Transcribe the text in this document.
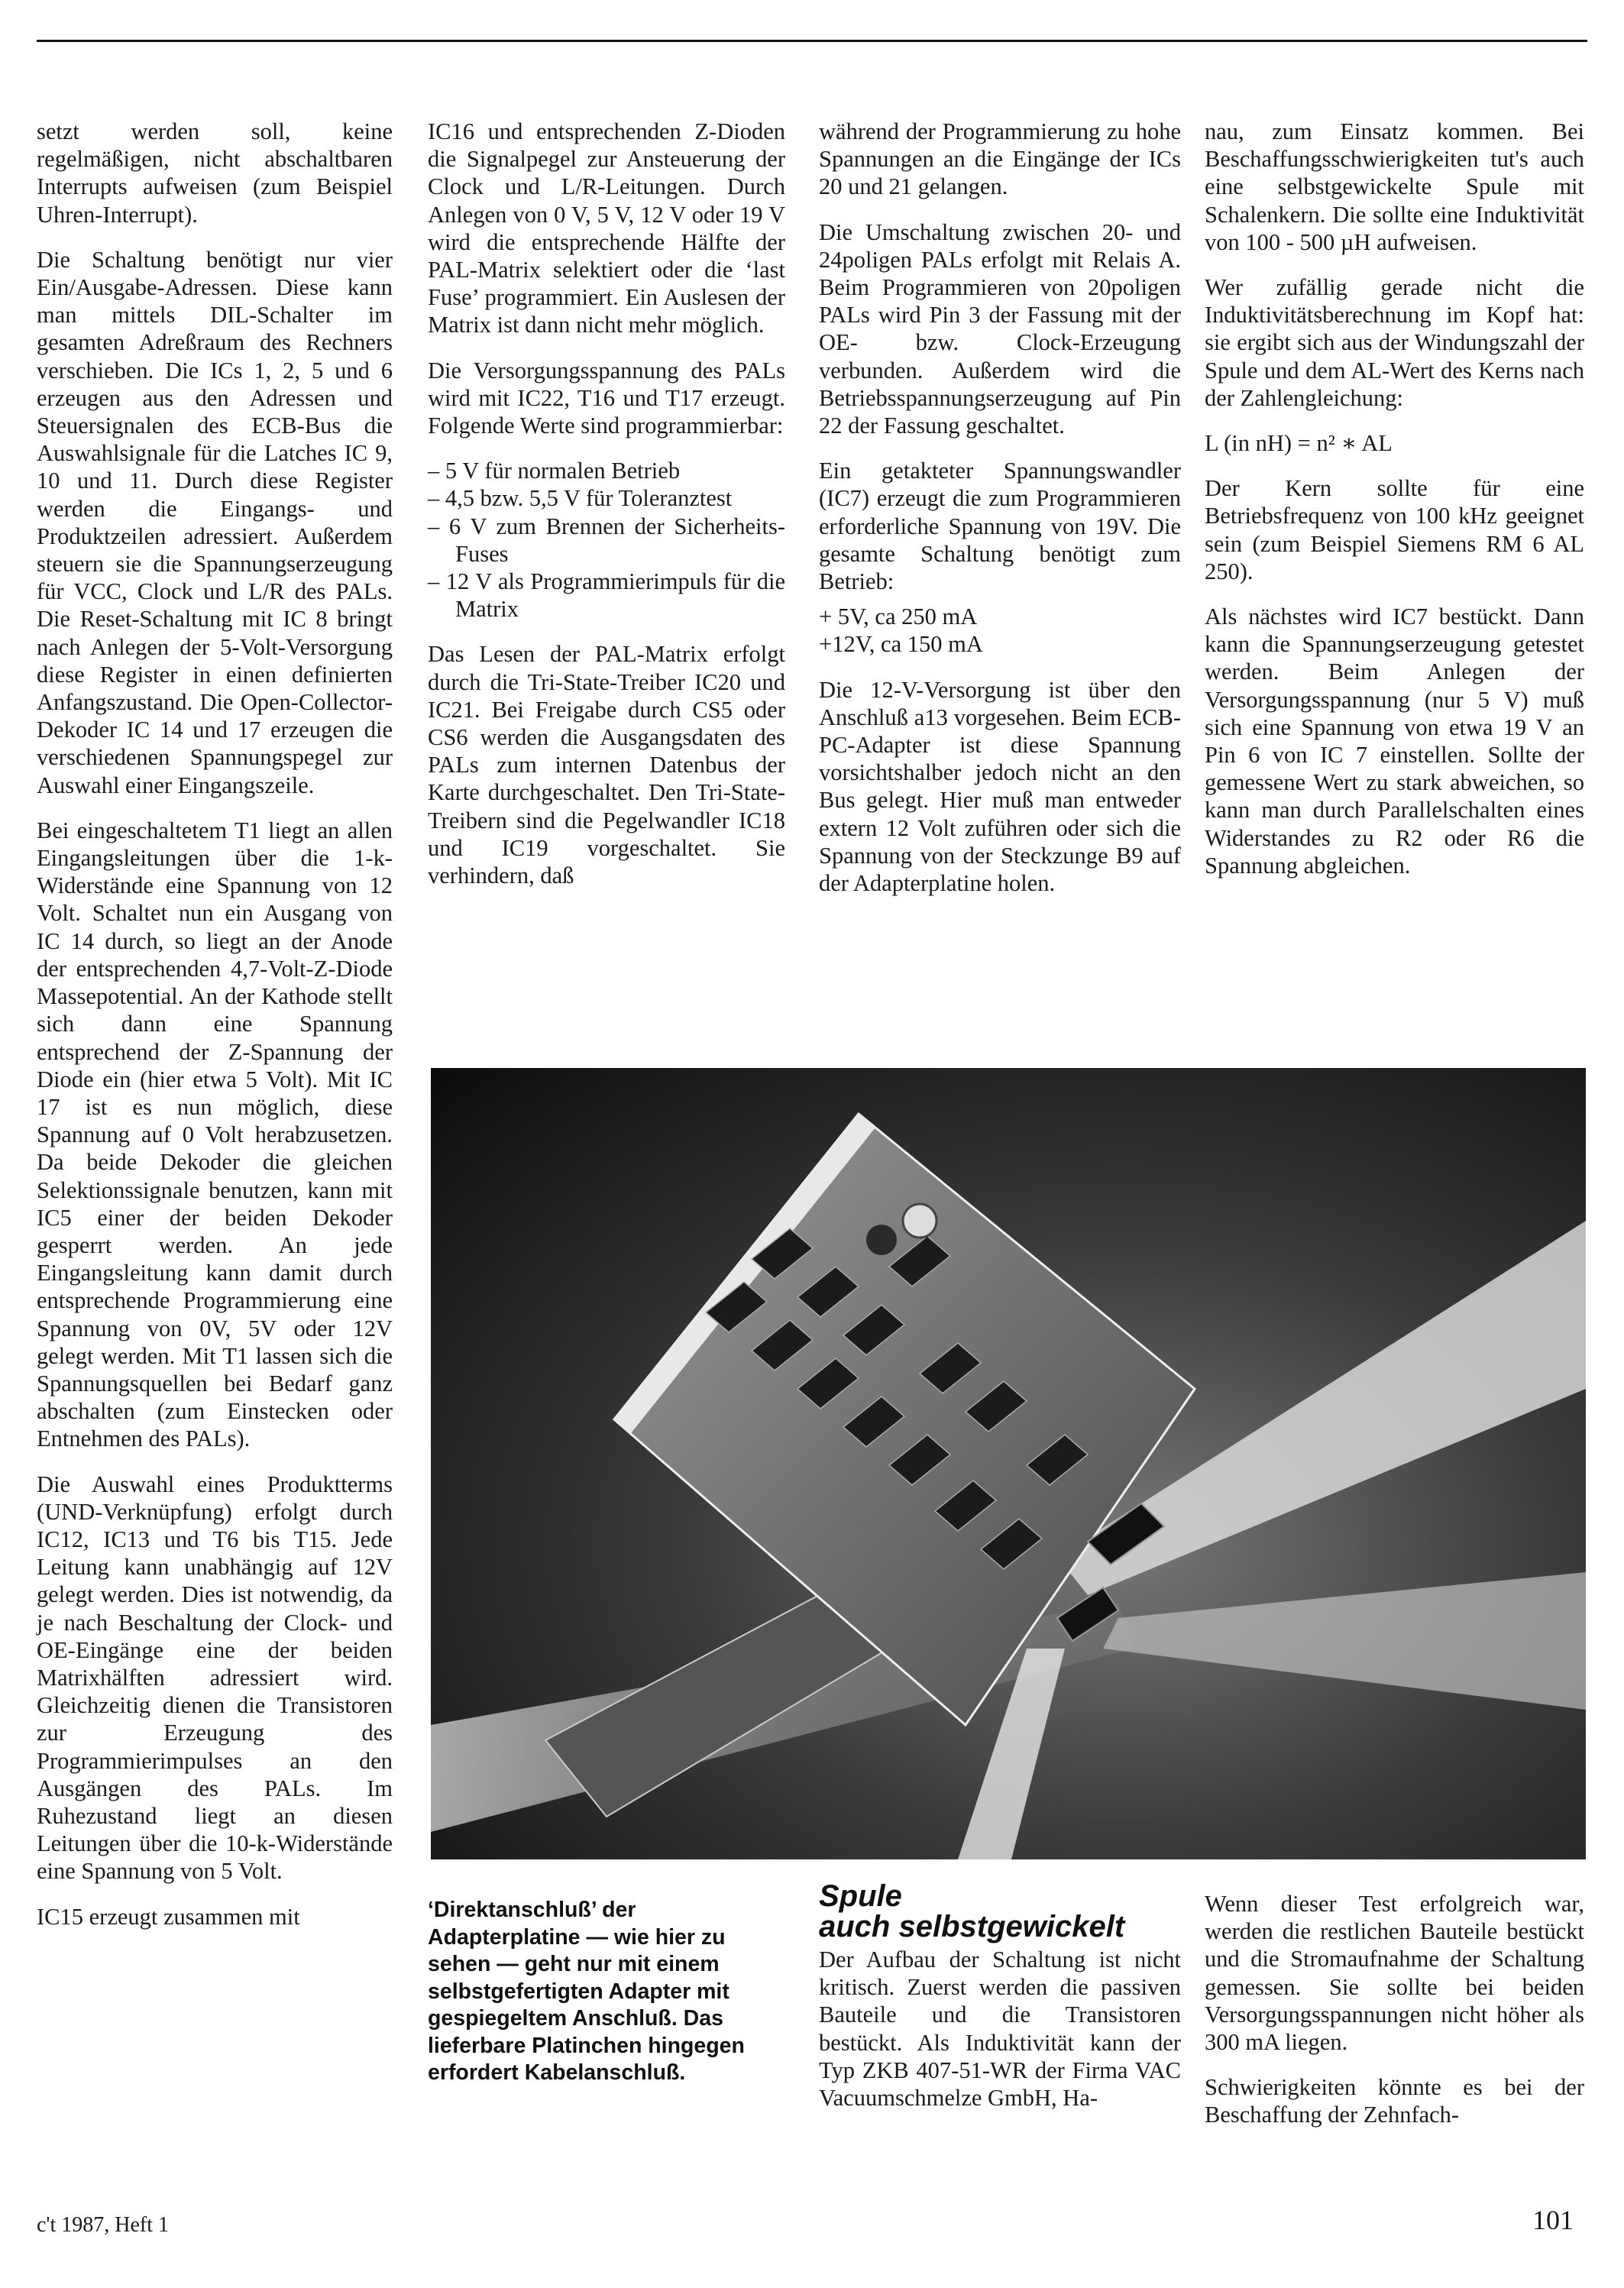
setzt werden soll, keine regelmäßigen, nicht abschaltbaren Interrupts aufweisen (zum Beispiel Uhren-Interrupt).

Die Schaltung benötigt nur vier Ein/Ausgabe-Adressen. Diese kann man mittels DIL-Schalter im gesamten Adreßraum des Rechners verschieben. Die ICs 1, 2, 5 und 6 erzeugen aus den Adressen und Steuersignalen des ECB-Bus die Auswahlsignale für die Latches IC 9, 10 und 11. Durch diese Register werden die Eingangs- und Produktzeilen adressiert. Außerdem steuern sie die Spannungserzeugung für VCC, Clock und L/R des PALs. Die Reset-Schaltung mit IC 8 bringt nach Anlegen der 5-Volt-Versorgung diese Register in einen definierten Anfangszustand. Die Open-Collector-Dekoder IC 14 und 17 erzeugen die verschiedenen Spannungspegel zur Auswahl einer Eingangszeile.

Bei eingeschaltetem T1 liegt an allen Eingangsleitungen über die 1-k-Widerstände eine Spannung von 12 Volt. Schaltet nun ein Ausgang von IC 14 durch, so liegt an der Anode der entsprechenden 4,7-Volt-Z-Diode Massepotential. An der Kathode stellt sich dann eine Spannung entsprechend der Z-Spannung der Diode ein (hier etwa 5 Volt). Mit IC 17 ist es nun möglich, diese Spannung auf 0 Volt herabzusetzen. Da beide Dekoder die gleichen Selektionssignale benutzen, kann mit IC5 einer der beiden Dekoder gesperrt werden. An jede Eingangsleitung kann damit durch entsprechende Programmierung eine Spannung von 0V, 5V oder 12V gelegt werden. Mit T1 lassen sich die Spannungsquellen bei Bedarf ganz abschalten (zum Einstecken oder Entnehmen des PALs).

Die Auswahl eines Produktterms (UND-Verknüpfung) erfolgt durch IC12, IC13 und T6 bis T15. Jede Leitung kann unabhängig auf 12V gelegt werden. Dies ist notwendig, da je nach Beschaltung der Clock- und OE-Eingänge eine der beiden Matrixhälften adressiert wird. Gleichzeitig dienen die Transistoren zur Erzeugung des Programmierimpulses an den Ausgängen des PALs. Im Ruhezustand liegt an diesen Leitungen über die 10-k-Widerstände eine Spannung von 5 Volt.

IC15 erzeugt zusammen mit

IC16 und entsprechenden Z-Dioden die Signalpegel zur Ansteuerung der Clock und L/R-Leitungen. Durch Anlegen von 0 V, 5 V, 12 V oder 19 V wird die entsprechende Hälfte der PAL-Matrix selektiert oder die ‘last Fuse’ programmiert. Ein Auslesen der Matrix ist dann nicht mehr möglich.

Die Versorgungsspannung des PALs wird mit IC22, T16 und T17 erzeugt. Folgende Werte sind programmierbar:

– 5 V für normalen Betrieb
– 4,5 bzw. 5,5 V für Toleranztest
– 6 V zum Brennen der Sicherheits-Fuses
– 12 V als Programmierimpuls für die Matrix

Das Lesen der PAL-Matrix erfolgt durch die Tri-State-Treiber IC20 und IC21. Bei Freigabe durch CS5 oder CS6 werden die Ausgangsdaten des PALs zum internen Datenbus der Karte durchgeschaltet. Den Tri-State-Treibern sind die Pegelwandler IC18 und IC19 vorgeschaltet. Sie verhindern, daß

während der Programmierung zu hohe Spannungen an die Eingänge der ICs 20 und 21 gelangen.

Die Umschaltung zwischen 20- und 24poligen PALs erfolgt mit Relais A. Beim Programmieren von 20poligen PALs wird Pin 3 der Fassung mit der OE- bzw. Clock-Erzeugung verbunden. Außerdem wird die Betriebsspannungserzeugung auf Pin 22 der Fassung geschaltet.

Ein getakteter Spannungswandler (IC7) erzeugt die zum Programmieren erforderliche Spannung von 19V. Die gesamte Schaltung benötigt zum Betrieb:

+ 5V, ca 250 mA
+12V, ca 150 mA

Die 12-V-Versorgung ist über den Anschluß a13 vorgesehen. Beim ECB-PC-Adapter ist diese Spannung vorsichtshalber jedoch nicht an den Bus gelegt. Hier muß man entweder extern 12 Volt zuführen oder sich die Spannung von der Steckzunge B9 auf der Adapterplatine holen.

nau, zum Einsatz kommen. Bei Beschaffungsschwierigkeiten tut's auch eine selbstgewickelte Spule mit Schalenkern. Die sollte eine Induktivität von 100 - 500 µH aufweisen.

Wer zufällig gerade nicht die Induktivitätsberechnung im Kopf hat: sie ergibt sich aus der Windungszahl der Spule und dem AL-Wert des Kerns nach der Zahlengleichung:

L (in nH) = n² ∗ AL

Der Kern sollte für eine Betriebsfrequenz von 100 kHz geeignet sein (zum Beispiel Siemens RM 6 AL 250).

Als nächstes wird IC7 bestückt. Dann kann die Spannungserzeugung getestet werden. Beim Anlegen der Versorgungsspannung (nur 5 V) muß sich eine Spannung von etwa 19 V an Pin 6 von IC 7 einstellen. Sollte der gemessene Wert zu stark abweichen, so kann man durch Parallelschalten eines Widerstandes zu R2 oder R6 die Spannung abgleichen.

‘Direktanschluß’ der Adapterplatine — wie hier zu sehen — geht nur mit einem selbstgefertigten Adapter mit gespiegeltem Anschluß. Das lieferbare Platinchen hingegen erfordert Kabelanschluß.
Spule
auch selbstgewickelt

Der Aufbau der Schaltung ist nicht kritisch. Zuerst werden die passiven Bauteile und die Transistoren bestückt. Als Induktivität kann der Typ ZKB 407-51-WR der Firma VAC Vacuumschmelze GmbH, Ha-

Wenn dieser Test erfolgreich war, werden die restlichen Bauteile bestückt und die Stromaufnahme der Schaltung gemessen. Sie sollte bei beiden Versorgungsspannungen nicht höher als 300 mA liegen.

Schwierigkeiten könnte es bei der Beschaffung der Zehnfach-

c't 1987, Heft 1	101
